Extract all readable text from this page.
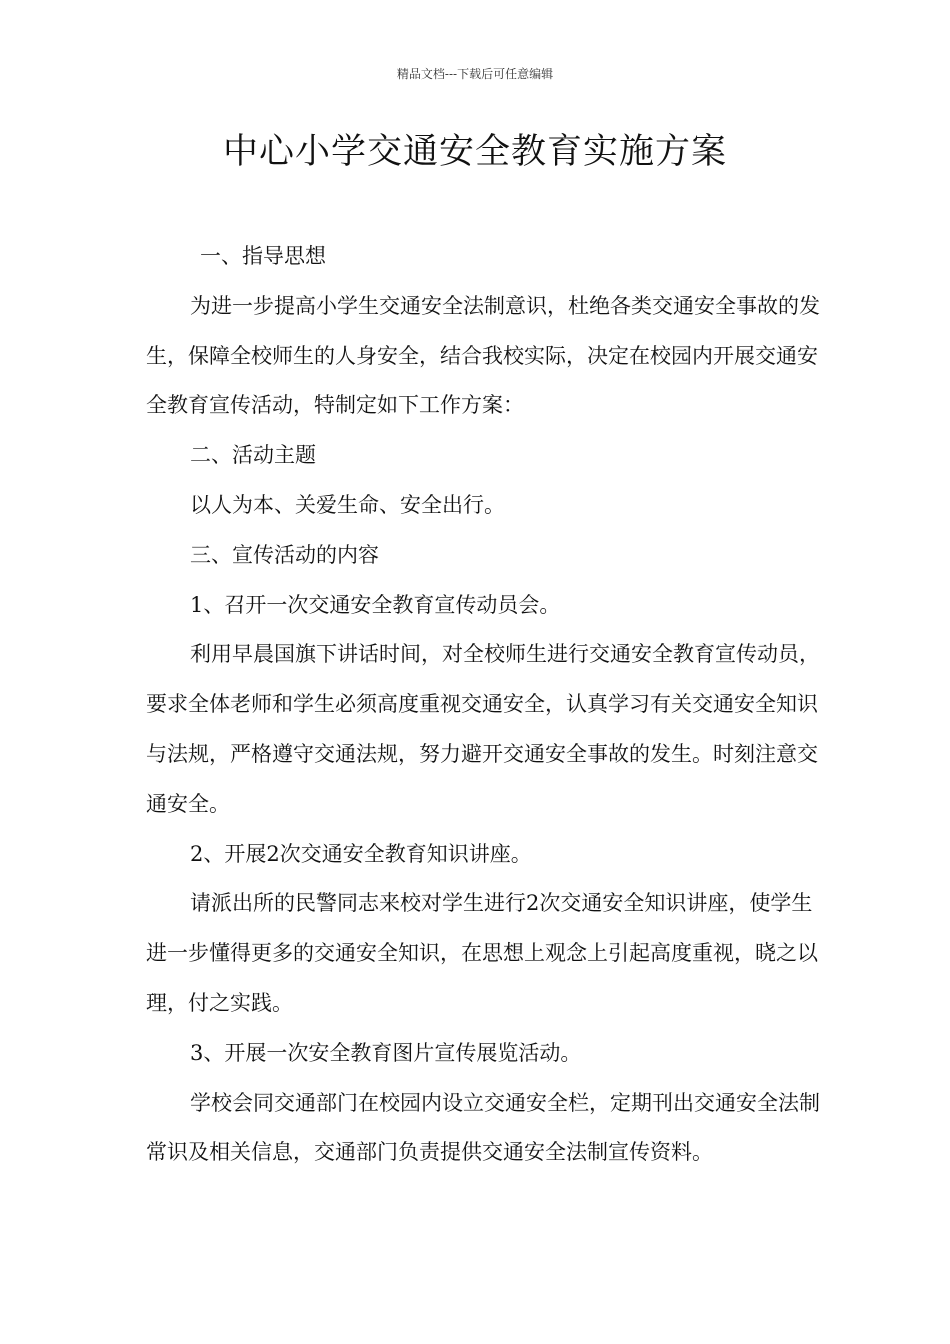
精品文档---下载后可任意编辑
中心小学交通安全教育实施方案

一、指导思想

为进一步提高小学生交通安全法制意识，杜绝各类交通安全事故的发生，保障全校师生的人身安全，结合我校实际，决定在校园内开展交通安全教育宣传活动，特制定如下工作方案：

二、活动主题

以人为本、关爱生命、安全出行。

三、宣传活动的内容

1、召开一次交通安全教育宣传动员会。

利用早晨国旗下讲话时间，对全校师生进行交通安全教育宣传动员，要求全体老师和学生必须高度重视交通安全，认真学习有关交通安全知识与法规，严格遵守交通法规，努力避开交通安全事故的发生。时刻注意交通安全。

2、开展2次交通安全教育知识讲座。

请派出所的民警同志来校对学生进行2次交通安全知识讲座，使学生进一步懂得更多的交通安全知识，在思想上观念上引起高度重视，晓之以理，付之实践。

3、开展一次安全教育图片宣传展览活动。

学校会同交通部门在校园内设立交通安全栏，定期刊出交通安全法制常识及相关信息，交通部门负责提供交通安全法制宣传资料。
